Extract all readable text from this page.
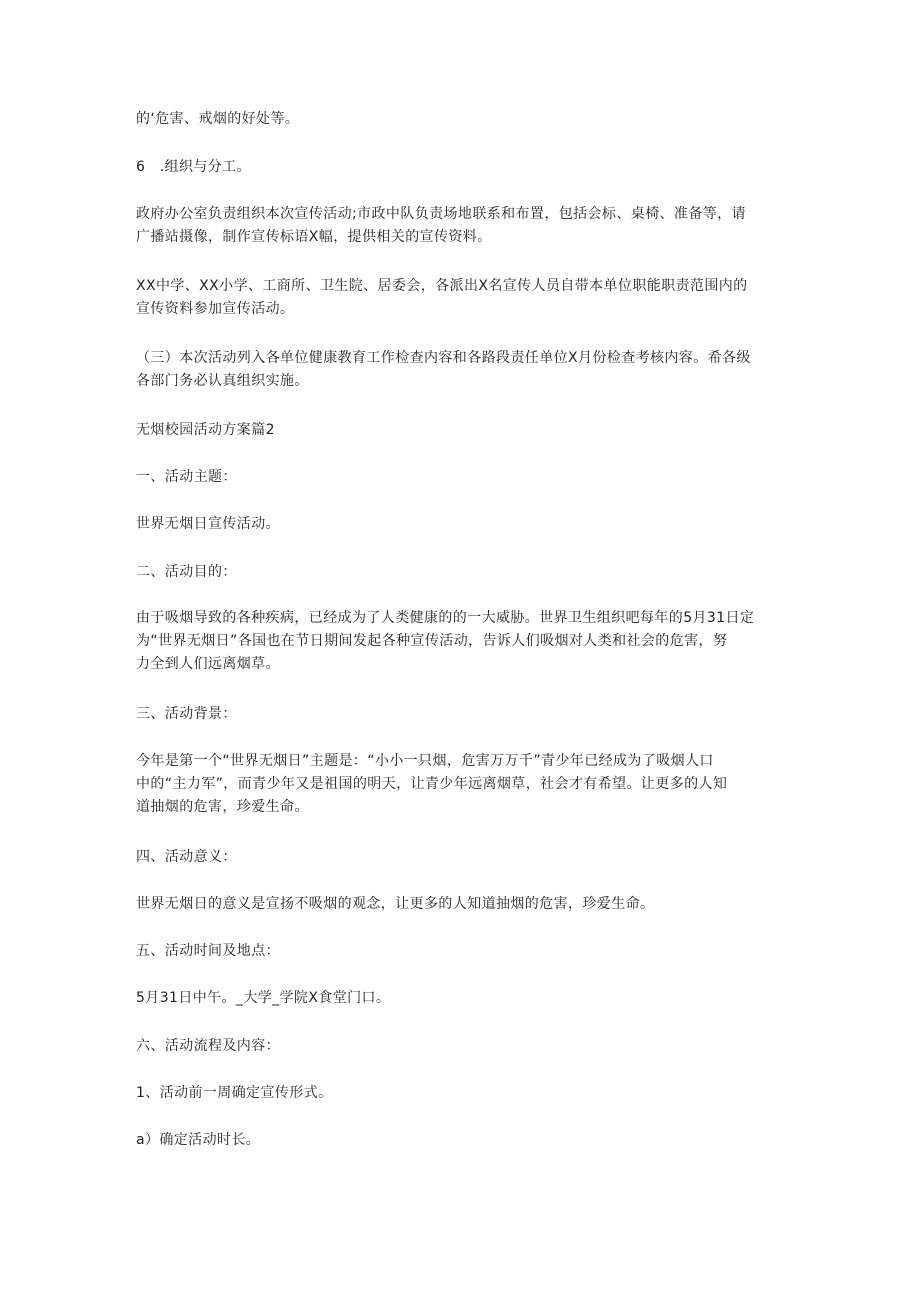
的‘危害、戒烟的好处等。
6　.组织与分工。
政府办公室负责组织本次宣传活动;市政中队负责场地联系和布置，包括会标、桌椅、准备等，请
广播站摄像，制作宣传标语X幅，提供相关的宣传资料。
XX中学、XX小学、工商所、卫生院、居委会，各派出X名宣传人员自带本单位职能职责范围内的
宣传资料参加宣传活动。
（三）本次活动列入各单位健康教育工作检查内容和各路段责任单位X月份检查考核内容。希各级
各部门务必认真组织实施。
无烟校园活动方案篇2
一、活动主题：
世界无烟日宣传活动。
二、活动目的：
由于吸烟导致的各种疾病，已经成为了人类健康的的一大威胁。世界卫生组织吧每年的5月31日定
为“世界无烟日”各国也在节日期间发起各种宣传活动，告诉人们吸烟对人类和社会的危害，努
力全到人们远离烟草。
三、活动背景：
今年是第一个“世界无烟日”主题是：“小小一只烟，危害万万千”青少年已经成为了吸烟人口
中的“主力军”，而青少年又是祖国的明天，让青少年远离烟草，社会才有希望。让更多的人知
道抽烟的危害，珍爱生命。
四、活动意义：
世界无烟日的意义是宣扬不吸烟的观念，让更多的人知道抽烟的危害，珍爱生命。
五、活动时间及地点：
5月31日中午。_大学_学院X食堂门口。
六、活动流程及内容：
1、活动前一周确定宣传形式。
a）确定活动时长。
